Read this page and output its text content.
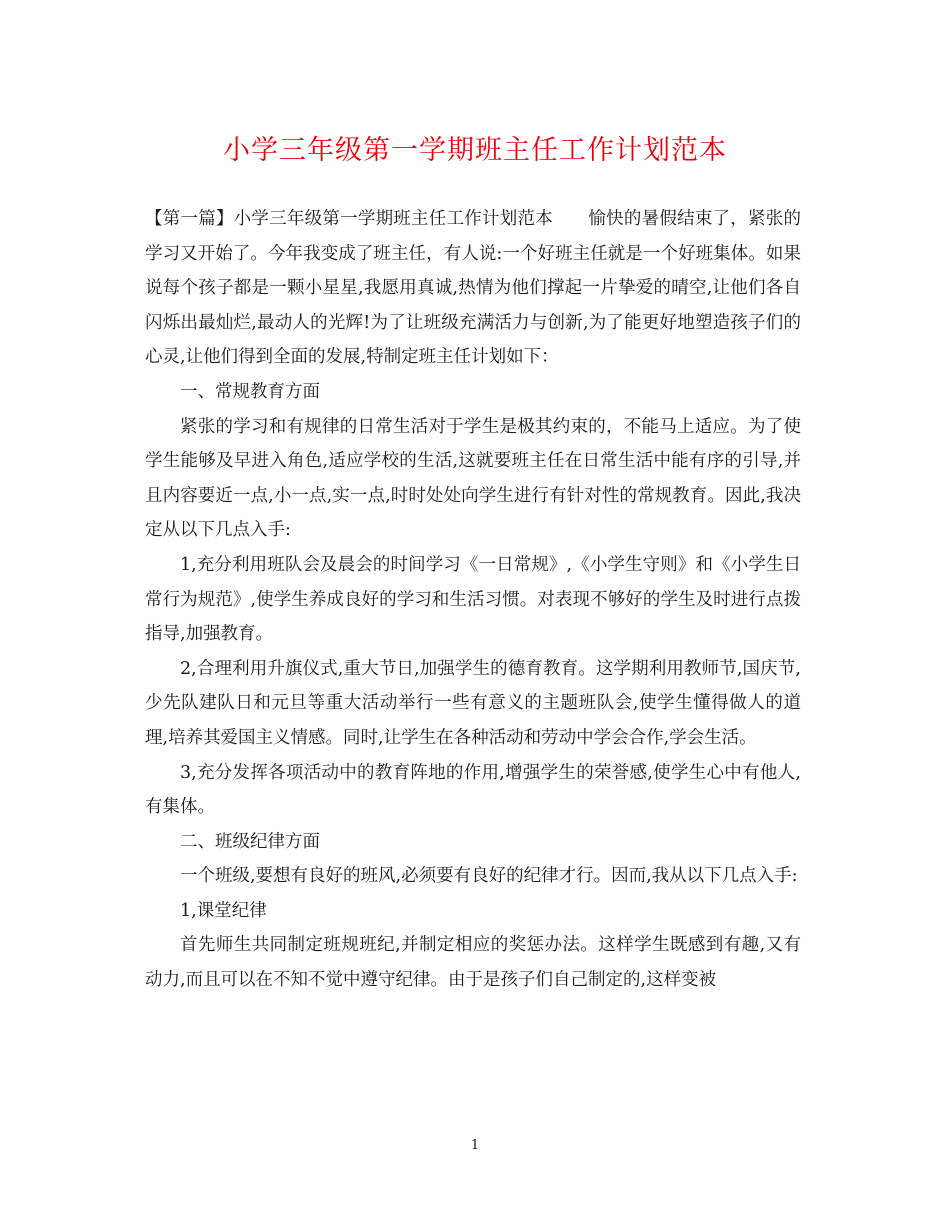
小学三年级第一学期班主任工作计划范本

【第一篇】小学三年级第一学期班主任工作计划范本　　愉快的暑假结束了，紧张的学习又开始了。今年我变成了班主任，有人说:一个好班主任就是一个好班集体。如果说每个孩子都是一颗小星星,我愿用真诚,热情为他们撑起一片挚爱的晴空,让他们各自闪烁出最灿烂,最动人的光辉!为了让班级充满活力与创新,为了能更好地塑造孩子们的心灵,让他们得到全面的发展,特制定班主任计划如下：

一、常规教育方面

紧张的学习和有规律的日常生活对于学生是极其约束的，不能马上适应。为了使学生能够及早进入角色,适应学校的生活,这就要班主任在日常生活中能有序的引导,并且内容要近一点,小一点,实一点,时时处处向学生进行有针对性的常规教育。因此,我决定从以下几点入手:

1,充分利用班队会及晨会的时间学习《一日常规》,《小学生守则》和《小学生日常行为规范》,使学生养成良好的学习和生活习惯。对表现不够好的学生及时进行点拨指导,加强教育。

2,合理利用升旗仪式,重大节日,加强学生的德育教育。这学期利用教师节,国庆节,少先队建队日和元旦等重大活动举行一些有意义的主题班队会,使学生懂得做人的道理,培养其爱国主义情感。同时,让学生在各种活动和劳动中学会合作,学会生活。

3,充分发挥各项活动中的教育阵地的作用,增强学生的荣誉感,使学生心中有他人,有集体。

二、班级纪律方面

一个班级,要想有良好的班风,必须要有良好的纪律才行。因而,我从以下几点入手:

1,课堂纪律

首先师生共同制定班规班纪,并制定相应的奖惩办法。这样学生既感到有趣,又有动力,而且可以在不知不觉中遵守纪律。由于是孩子们自己制定的,这样变被

1
